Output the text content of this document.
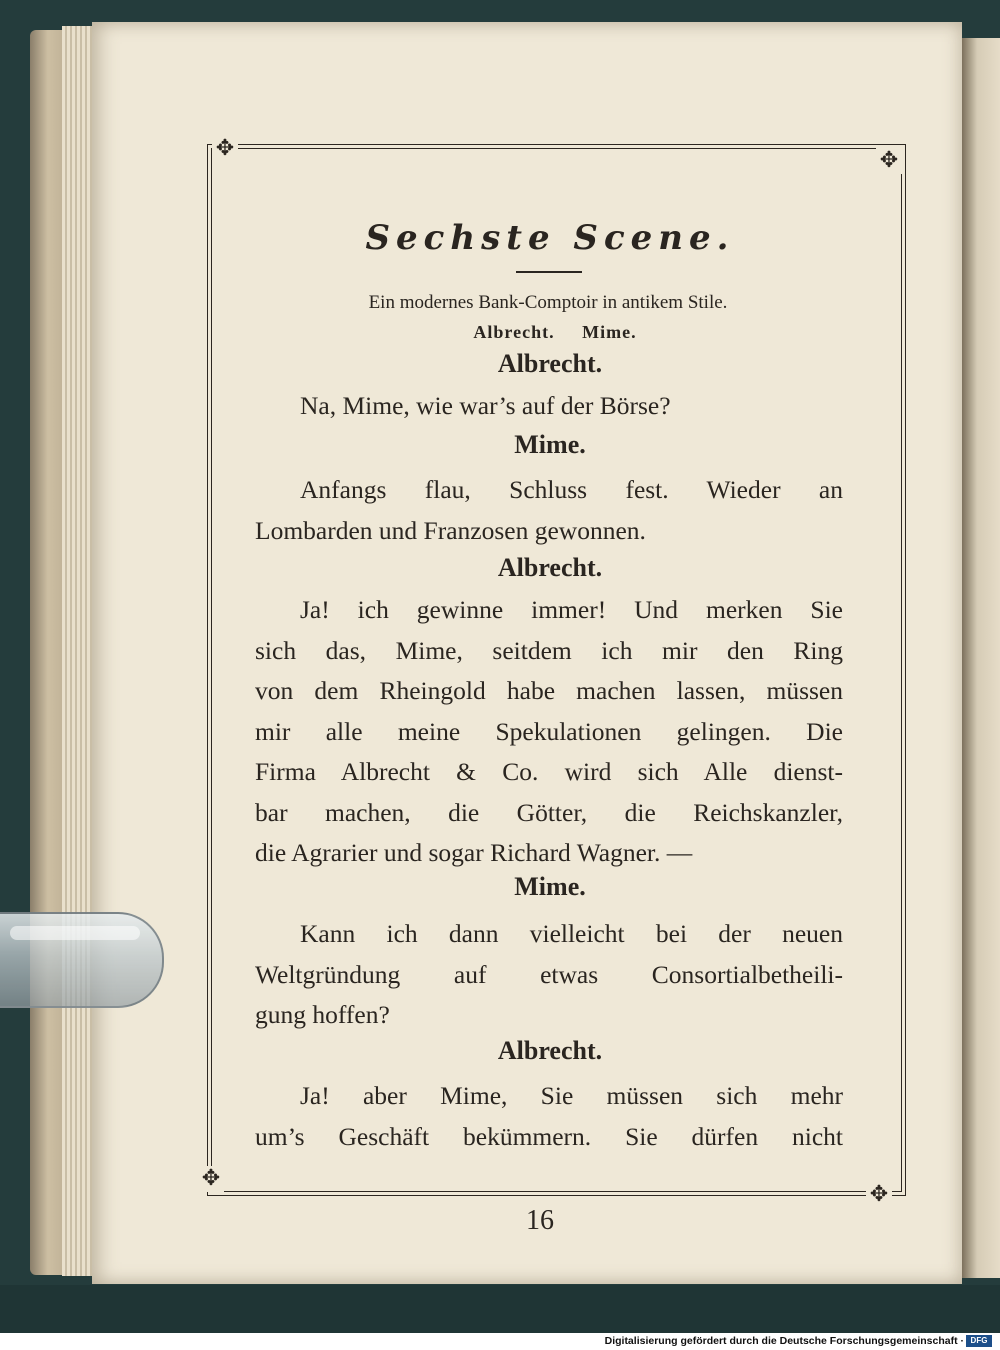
✥	✥
✥
✥
Sechste Scene.
Ein modernes Bank-Comptoir in antikem Stile.
Albrecht. Mime.
Albrecht.
Na, Mime, wie war’s auf der Börse?
Mime.
Anfangs flau, Schluss fest. Wieder an
Lombarden und Franzosen gewonnen.
Albrecht.
Ja! ich gewinne immer! Und merken Sie
sich das, Mime, seitdem ich mir den Ring
von dem Rheingold habe machen lassen, müssen
mir alle meine Spekulationen gelingen. Die
Firma Albrecht & Co. wird sich Alle dienst-
bar machen, die Götter, die Reichskanzler,
die Agrarier und sogar Richard Wagner. —
Mime.
Kann ich dann vielleicht bei der neuen
Weltgründung auf etwas Consortialbetheili-
gung hoffen?
Albrecht.
Ja! aber Mime, Sie müssen sich mehr
um’s Geschäft bekümmern. Sie dürfen nicht
16
Digitalisierung gefördert durch die Deutsche Forschungsgemeinschaft · DFG
